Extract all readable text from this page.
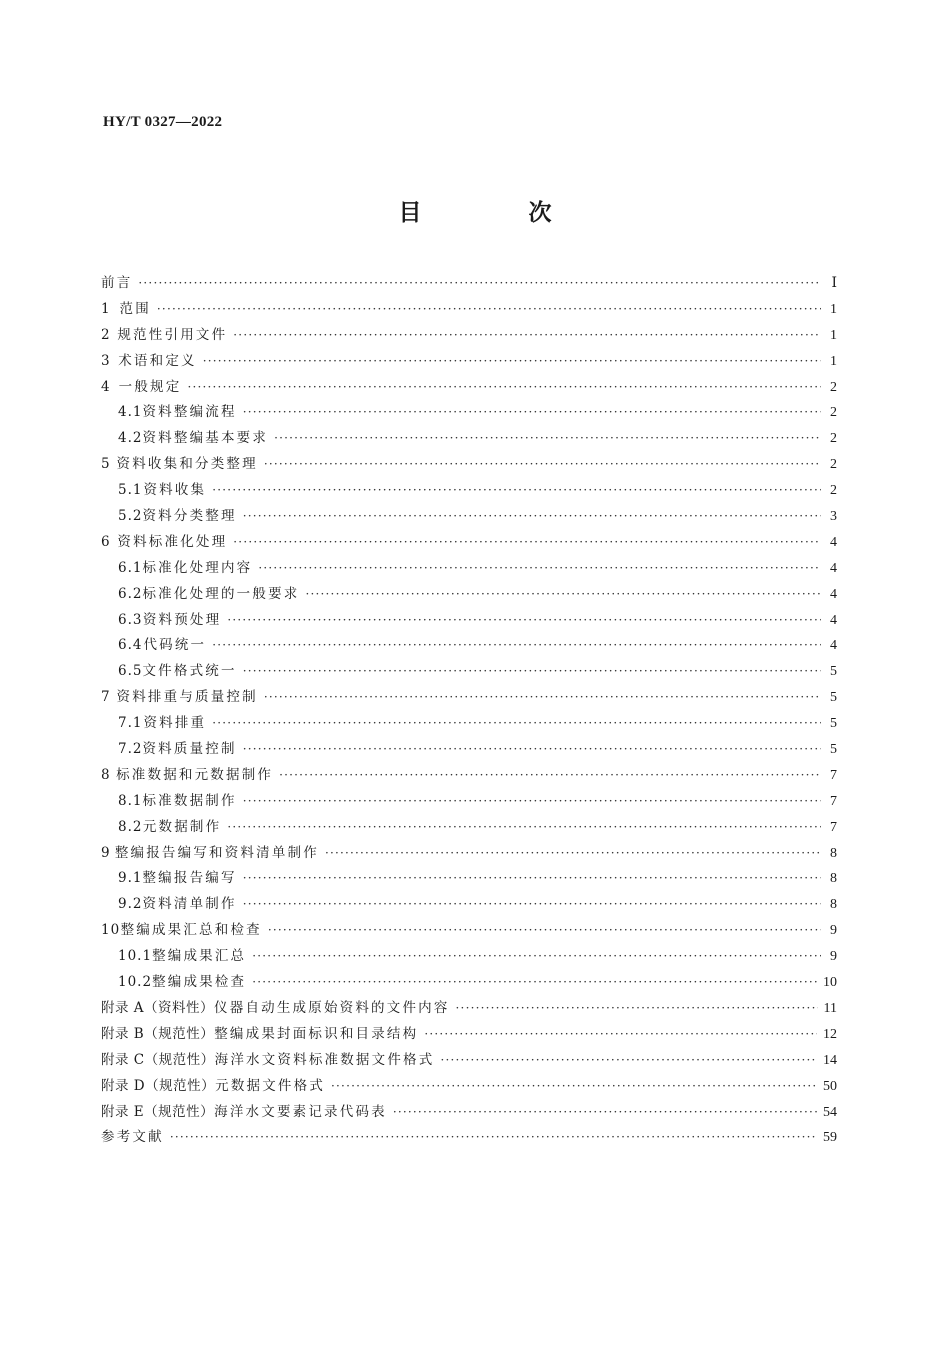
HY/T 0327—2022
目　次
前言 ·····	Ⅰ
1 范围 ·····	1
2 规范性引用文件 ·····	1
3 术语和定义 ·····	1
4 一般规定 ·····	2
4.1 资料整编流程 ·····	2
4.2 资料整编基本要求 ·····	2
5 资料收集和分类整理 ·····	2
5.1 资料收集 ·····	2
5.2 资料分类整理 ·····	3
6 资料标准化处理 ·····	4
6.1 标准化处理内容 ·····	4
6.2 标准化处理的一般要求 ·····	4
6.3 资料预处理 ·····	4
6.4 代码统一 ·····	4
6.5 文件格式统一 ·····	5
7 资料排重与质量控制 ·····	5
7.1 资料排重 ·····	5
7.2 资料质量控制 ·····	5
8 标准数据和元数据制作 ·····	7
8.1 标准数据制作 ·····	7
8.2 元数据制作 ·····	7
9 整编报告编写和资料清单制作 ·····	8
9.1 整编报告编写 ·····	8
9.2 资料清单制作 ·····	8
10 整编成果汇总和检查 ·····	9
10.1 整编成果汇总 ·····	9
10.2 整编成果检查 ·····	10
附录 A（资料性） 仪器自动生成原始资料的文件内容 ·····	11
附录 B（规范性） 整编成果封面标识和目录结构 ·····	12
附录 C（规范性） 海洋水文资料标准数据文件格式 ·····	14
附录 D（规范性） 元数据文件格式 ·····	50
附录 E（规范性） 海洋水文要素记录代码表 ·····	54
参考文献 ·····	59
